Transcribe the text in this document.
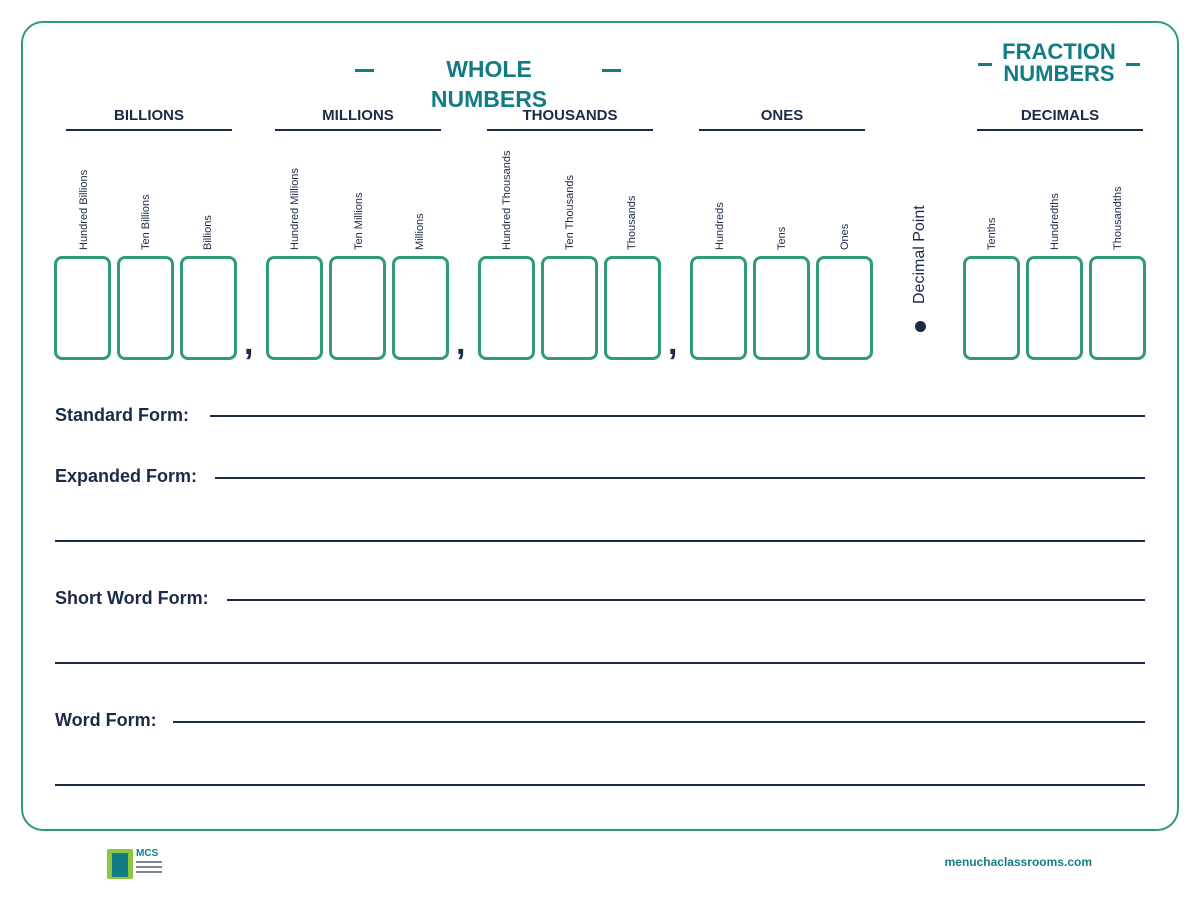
WHOLE NUMBERS
FRACTION
NUMBERS
BILLIONS	MILLIONS	THOUSANDS	ONES	DECIMALS
Hundred Billions	Ten Billions	Billions	Hundred Millions	Ten Millions	Millions	Hundred Thousands	Ten Thousands	Thousands	Hundreds	Tens	Ones	Tenths	Hundredths	Thousandths
Decimal Point
,	,	,
Standard Form:
Expanded Form:
Short Word Form:
Word Form:
MCS
menuchaclassrooms.com
